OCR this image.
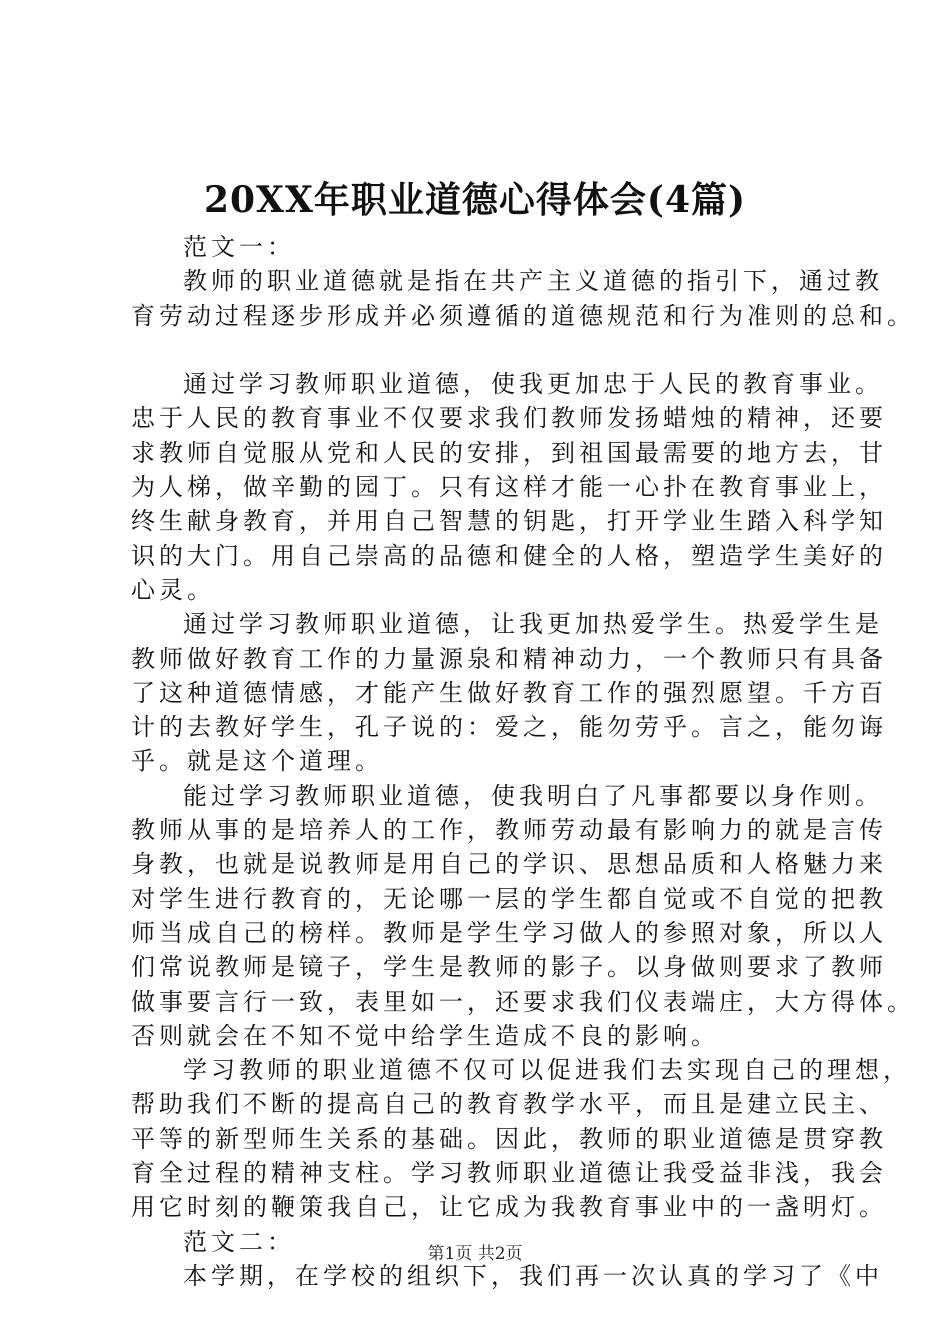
20XX年职业道德心得体会(4篇)
范文一：
教师的职业道德就是指在共产主义道德的指引下，通过教
育劳动过程逐步形成并必须遵循的道德规范和行为准则的总和。
通过学习教师职业道德，使我更加忠于人民的教育事业。
忠于人民的教育事业不仅要求我们教师发扬蜡烛的精神，还要
求教师自觉服从党和人民的安排，到祖国最需要的地方去，甘
为人梯，做辛勤的园丁。只有这样才能一心扑在教育事业上，
终生献身教育，并用自己智慧的钥匙，打开学业生踏入科学知
识的大门。用自己崇高的品德和健全的人格，塑造学生美好的
心灵。
通过学习教师职业道德，让我更加热爱学生。热爱学生是
教师做好教育工作的力量源泉和精神动力，一个教师只有具备
了这种道德情感，才能产生做好教育工作的强烈愿望。千方百
计的去教好学生，孔子说的：爱之，能勿劳乎。言之，能勿诲
乎。就是这个道理。
能过学习教师职业道德，使我明白了凡事都要以身作则。
教师从事的是培养人的工作，教师劳动最有影响力的就是言传
身教，也就是说教师是用自己的学识、思想品质和人格魅力来
对学生进行教育的，无论哪一层的学生都自觉或不自觉的把教
师当成自己的榜样。教师是学生学习做人的参照对象，所以人
们常说教师是镜子，学生是教师的影子。以身做则要求了教师
做事要言行一致，表里如一，还要求我们仪表端庄，大方得体。
否则就会在不知不觉中给学生造成不良的影响。
学习教师的职业道德不仅可以促进我们去实现自己的理想，
帮助我们不断的提高自己的教育教学水平，而且是建立民主、
平等的新型师生关系的基础。因此，教师的职业道德是贯穿教
育全过程的精神支柱。学习教师职业道德让我受益非浅，我会
用它时刻的鞭策我自己，让它成为我教育事业中的一盏明灯。
范文二：
本学期，在学校的组织下，我们再一次认真的学习了《中
第1页 共2页
